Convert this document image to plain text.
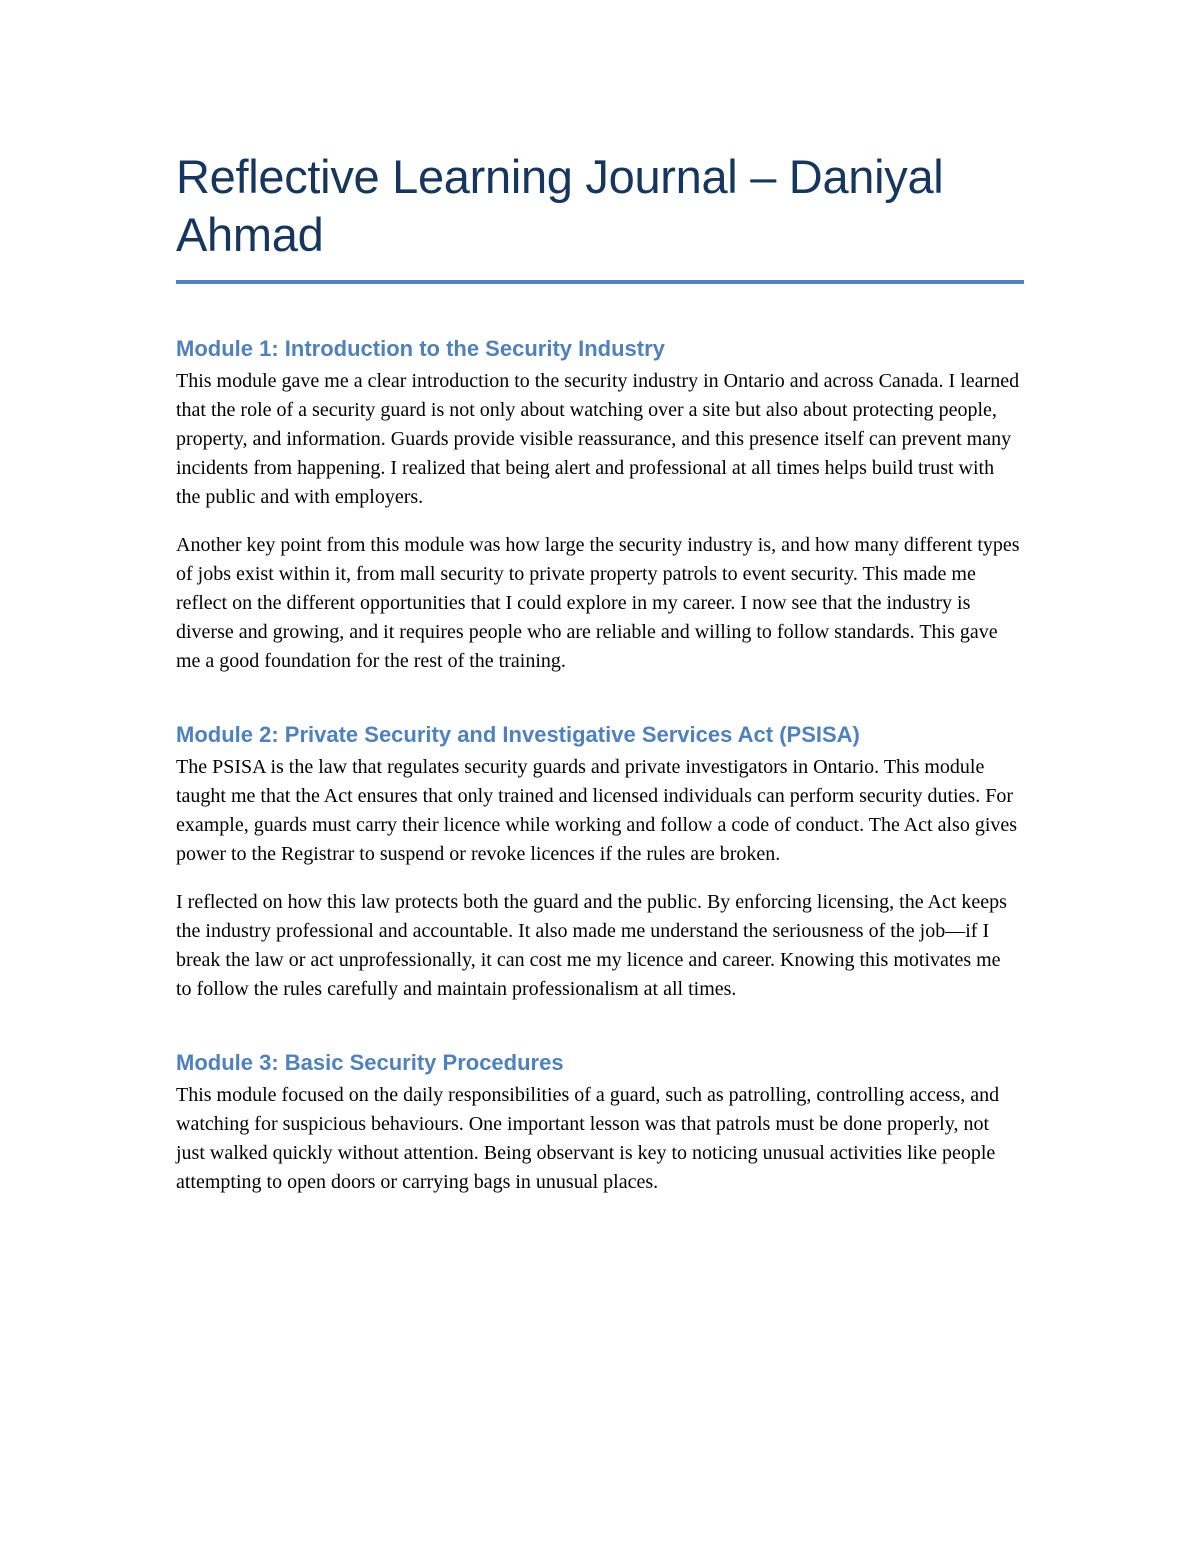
Reflective Learning Journal – Daniyal Ahmad
Module 1: Introduction to the Security Industry

This module gave me a clear introduction to the security industry in Ontario and across Canada. I learned that the role of a security guard is not only about watching over a site but also about protecting people, property, and information. Guards provide visible reassurance, and this presence itself can prevent many incidents from happening. I realized that being alert and professional at all times helps build trust with the public and with employers.

Another key point from this module was how large the security industry is, and how many different types of jobs exist within it, from mall security to private property patrols to event security. This made me reflect on the different opportunities that I could explore in my career. I now see that the industry is diverse and growing, and it requires people who are reliable and willing to follow standards. This gave me a good foundation for the rest of the training.

Module 2: Private Security and Investigative Services Act (PSISA)

The PSISA is the law that regulates security guards and private investigators in Ontario. This module taught me that the Act ensures that only trained and licensed individuals can perform security duties. For example, guards must carry their licence while working and follow a code of conduct. The Act also gives power to the Registrar to suspend or revoke licences if the rules are broken.

I reflected on how this law protects both the guard and the public. By enforcing licensing, the Act keeps the industry professional and accountable. It also made me understand the seriousness of the job—if I break the law or act unprofessionally, it can cost me my licence and career. Knowing this motivates me to follow the rules carefully and maintain professionalism at all times.

Module 3: Basic Security Procedures

This module focused on the daily responsibilities of a guard, such as patrolling, controlling access, and watching for suspicious behaviours. One important lesson was that patrols must be done properly, not just walked quickly without attention. Being observant is key to noticing unusual activities like people attempting to open doors or carrying bags in unusual places.
